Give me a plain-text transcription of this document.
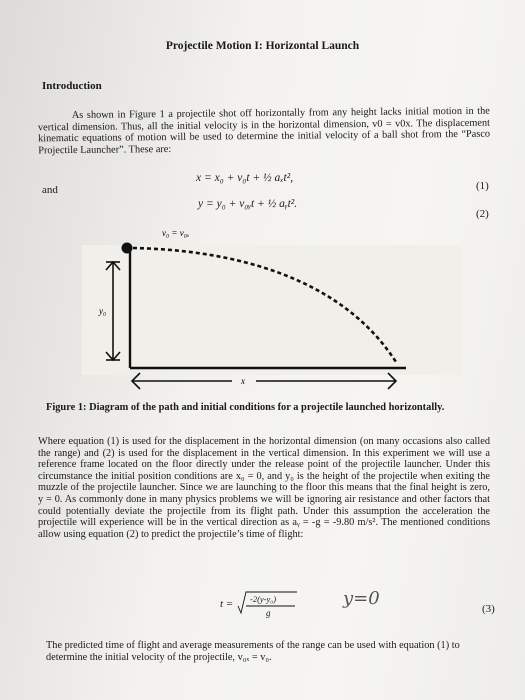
Projectile Motion I: Horizontal Launch
Introduction
As shown in Figure 1 a projectile shot off horizontally from any height lacks initial motion in the vertical dimension. Thus, all the initial velocity is in the horizontal dimension, v0 = v0x. The displacement kinematic equations of motion will be used to determine the initial velocity of a ball shot from the “Pasco Projectile Launcher”. These are:
x = x₀ + v₀t + ½ aₓt²,
(1)
and
y = y₀ + v₀ᵧt + ½ aᵧt².
(2)
v₀ = v₀ₓ
y₀
x
Figure 1: Diagram of the path and initial conditions for a projectile launched horizontally.
Where equation (1) is used for the displacement in the horizontal dimension (on many occasions also called the range) and (2) is used for the displacement in the vertical dimension. In this experiment we will use a reference frame located on the floor directly under the release point of the projectile launcher. Under this circumstance the initial position conditions are x₀ = 0, and y₀ is the height of the projectile when exiting the muzzle of the projectile launcher. Since we are launching to the floor this means that the final height is zero, y = 0. As commonly done in many physics problems we will be ignoring air resistance and other factors that could potentially deviate the projectile from its flight path. Under this assumption the acceleration the projectile will experience will be in the vertical direction as aᵧ = -g = -9.80 m/s². The mentioned conditions allow using equation (2) to predict the projectile’s time of flight:
t = -2(y-y₀)
g
y=0	(3)
The predicted time of flight and average measurements of the range can be used with equation (1) to determine the initial velocity of the projectile, v₀ₓ = v₀.
